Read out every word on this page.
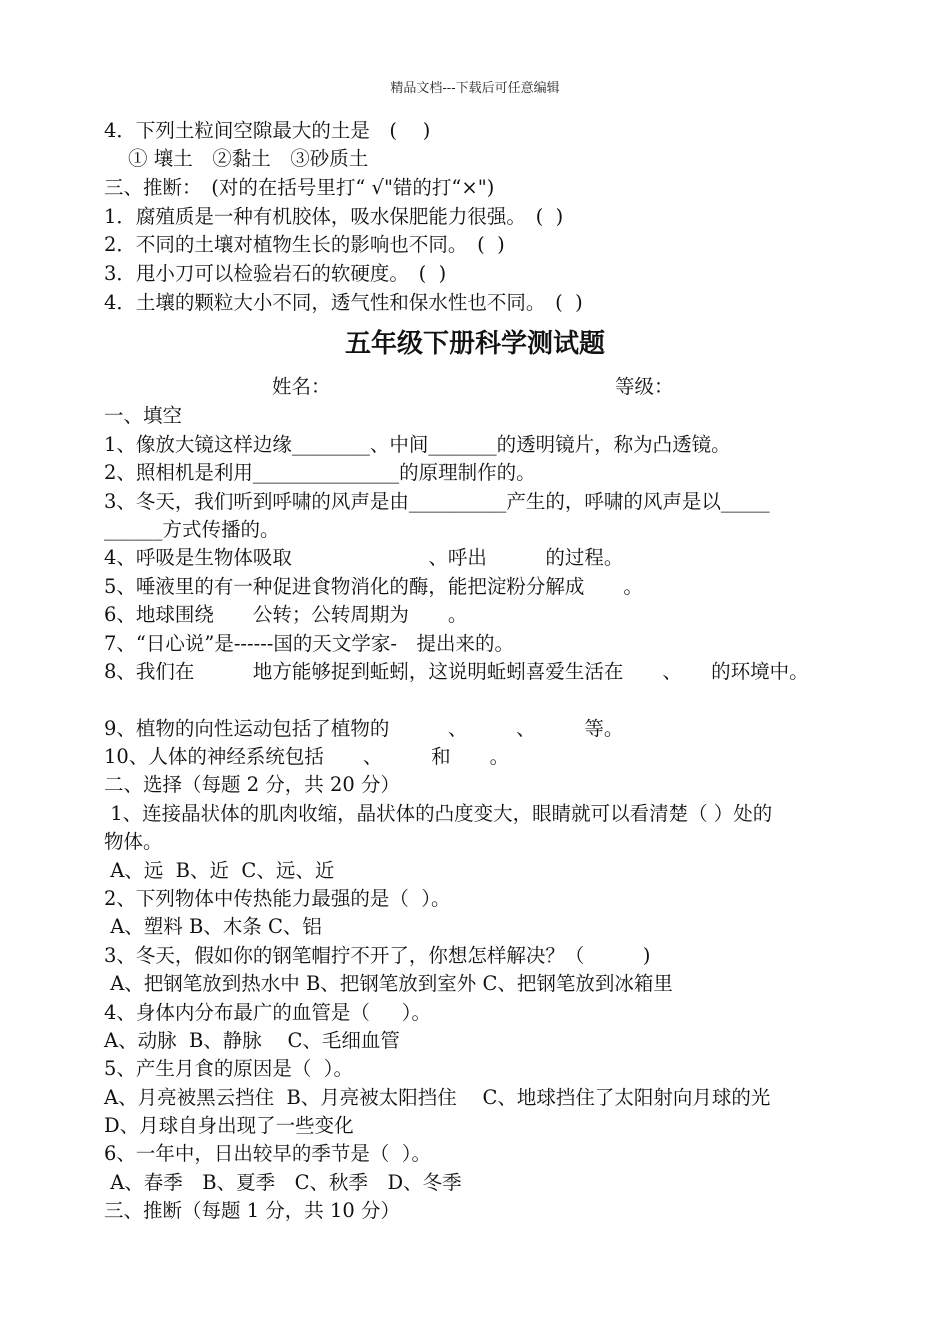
精品文档---下载后可任意编辑
4．下列土粒间空隙最大的土是　(　 )
① 壤土　②黏土　③砂质土
三、推断：　(对的在括号里打“ √"错的打“×")
1．腐殖质是一种有机胶体，吸水保肥能力很强。　(  )
2．不同的土壤对植物生长的影响也不同。　(  )
3．甩小刀可以检验岩石的软硬度。　(  )
4．土壤的颗粒大小不同，透气性和保水性也不同。　(  )
五年级下册科学测试题
姓名：	等级：
一、填空
1、像放大镜这样边缘________、中间_______的透明镜片，称为凸透镜。
2、照相机是利用_______________的原理制作的。
3、冬天，我们听到呼啸的风声是由__________产生的，呼啸的风声是以_____
______方式传播的。
4、呼吸是生物体吸取　　　　　　　、呼出　　　的过程。
5、唾液里的有一种促进食物消化的酶，能把淀粉分解成　　。
6、地球围绕　　公转；公转周期为　　。
7、“日心说”是------国的天文学家-　提出来的。
8、我们在　　　地方能够捉到蚯蚓，这说明蚯蚓喜爱生活在　　、　　的环境中。
9、植物的向性运动包括了植物的　　　、　　　、　　　等。
10、人体的神经系统包括　　、　　　和　　。
二、选择（每题 2 分，共 20 分）
1、连接晶状体的肌肉收缩，晶状体的凸度变大，眼睛就可以看清楚（ ）处的
物体。
A、远  B、近  C、远、近
2、下列物体中传热能力最强的是（  ）。
A、塑料 B、木条 C、铝
3、冬天，假如你的钢笔帽拧不开了，你想怎样解决？（　　　)
A、把钢笔放到热水中 B、把钢笔放到室外 C、把钢笔放到冰箱里
4、身体内分布最广的血管是（　  ）。
A、动脉  B、静脉　 C、毛细血管
5、产生月食的原因是（  ）。
A、月亮被黑云挡住  B、月亮被太阳挡住　 C、地球挡住了太阳射向月球的光
D、月球自身出现了一些变化
6、一年中，日出较早的季节是（  ）。
A、春季　B、夏季　C、秋季　D、冬季
三、推断（每题 1 分，共 10 分）
